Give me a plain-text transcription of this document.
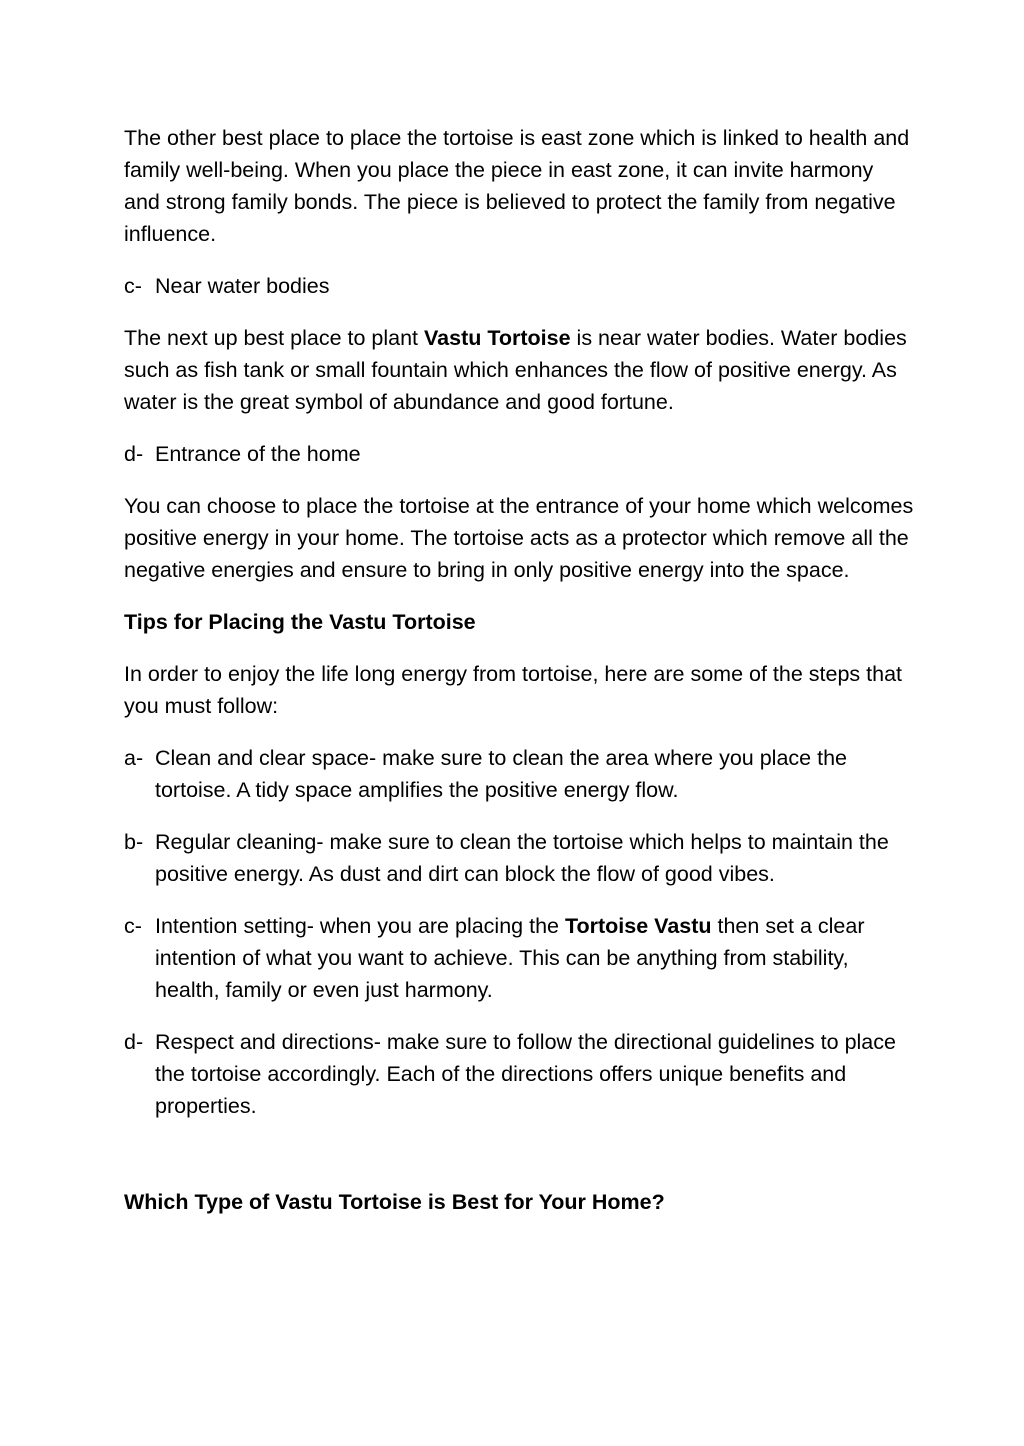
The other best place to place the tortoise is east zone which is linked to health and family well-being. When you place the piece in east zone, it can invite harmony and strong family bonds. The piece is believed to protect the family from negative influence.

c- Near water bodies

The next up best place to plant Vastu Tortoise is near water bodies. Water bodies such as fish tank or small fountain which enhances the flow of positive energy. As water is the great symbol of abundance and good fortune.

d- Entrance of the home

You can choose to place the tortoise at the entrance of your home which welcomes positive energy in your home. The tortoise acts as a protector which remove all the negative energies and ensure to bring in only positive energy into the space.

Tips for Placing the Vastu Tortoise

In order to enjoy the life long energy from tortoise, here are some of the steps that you must follow:

a- Clean and clear space- make sure to clean the area where you place the tortoise. A tidy space amplifies the positive energy flow.
b- Regular cleaning- make sure to clean the tortoise which helps to maintain the positive energy. As dust and dirt can block the flow of good vibes.
c- Intention setting- when you are placing the Tortoise Vastu then set a clear intention of what you want to achieve. This can be anything from stability, health, family or even just harmony.
d- Respect and directions- make sure to follow the directional guidelines to place the tortoise accordingly. Each of the directions offers unique benefits and properties.

Which Type of Vastu Tortoise is Best for Your Home?
